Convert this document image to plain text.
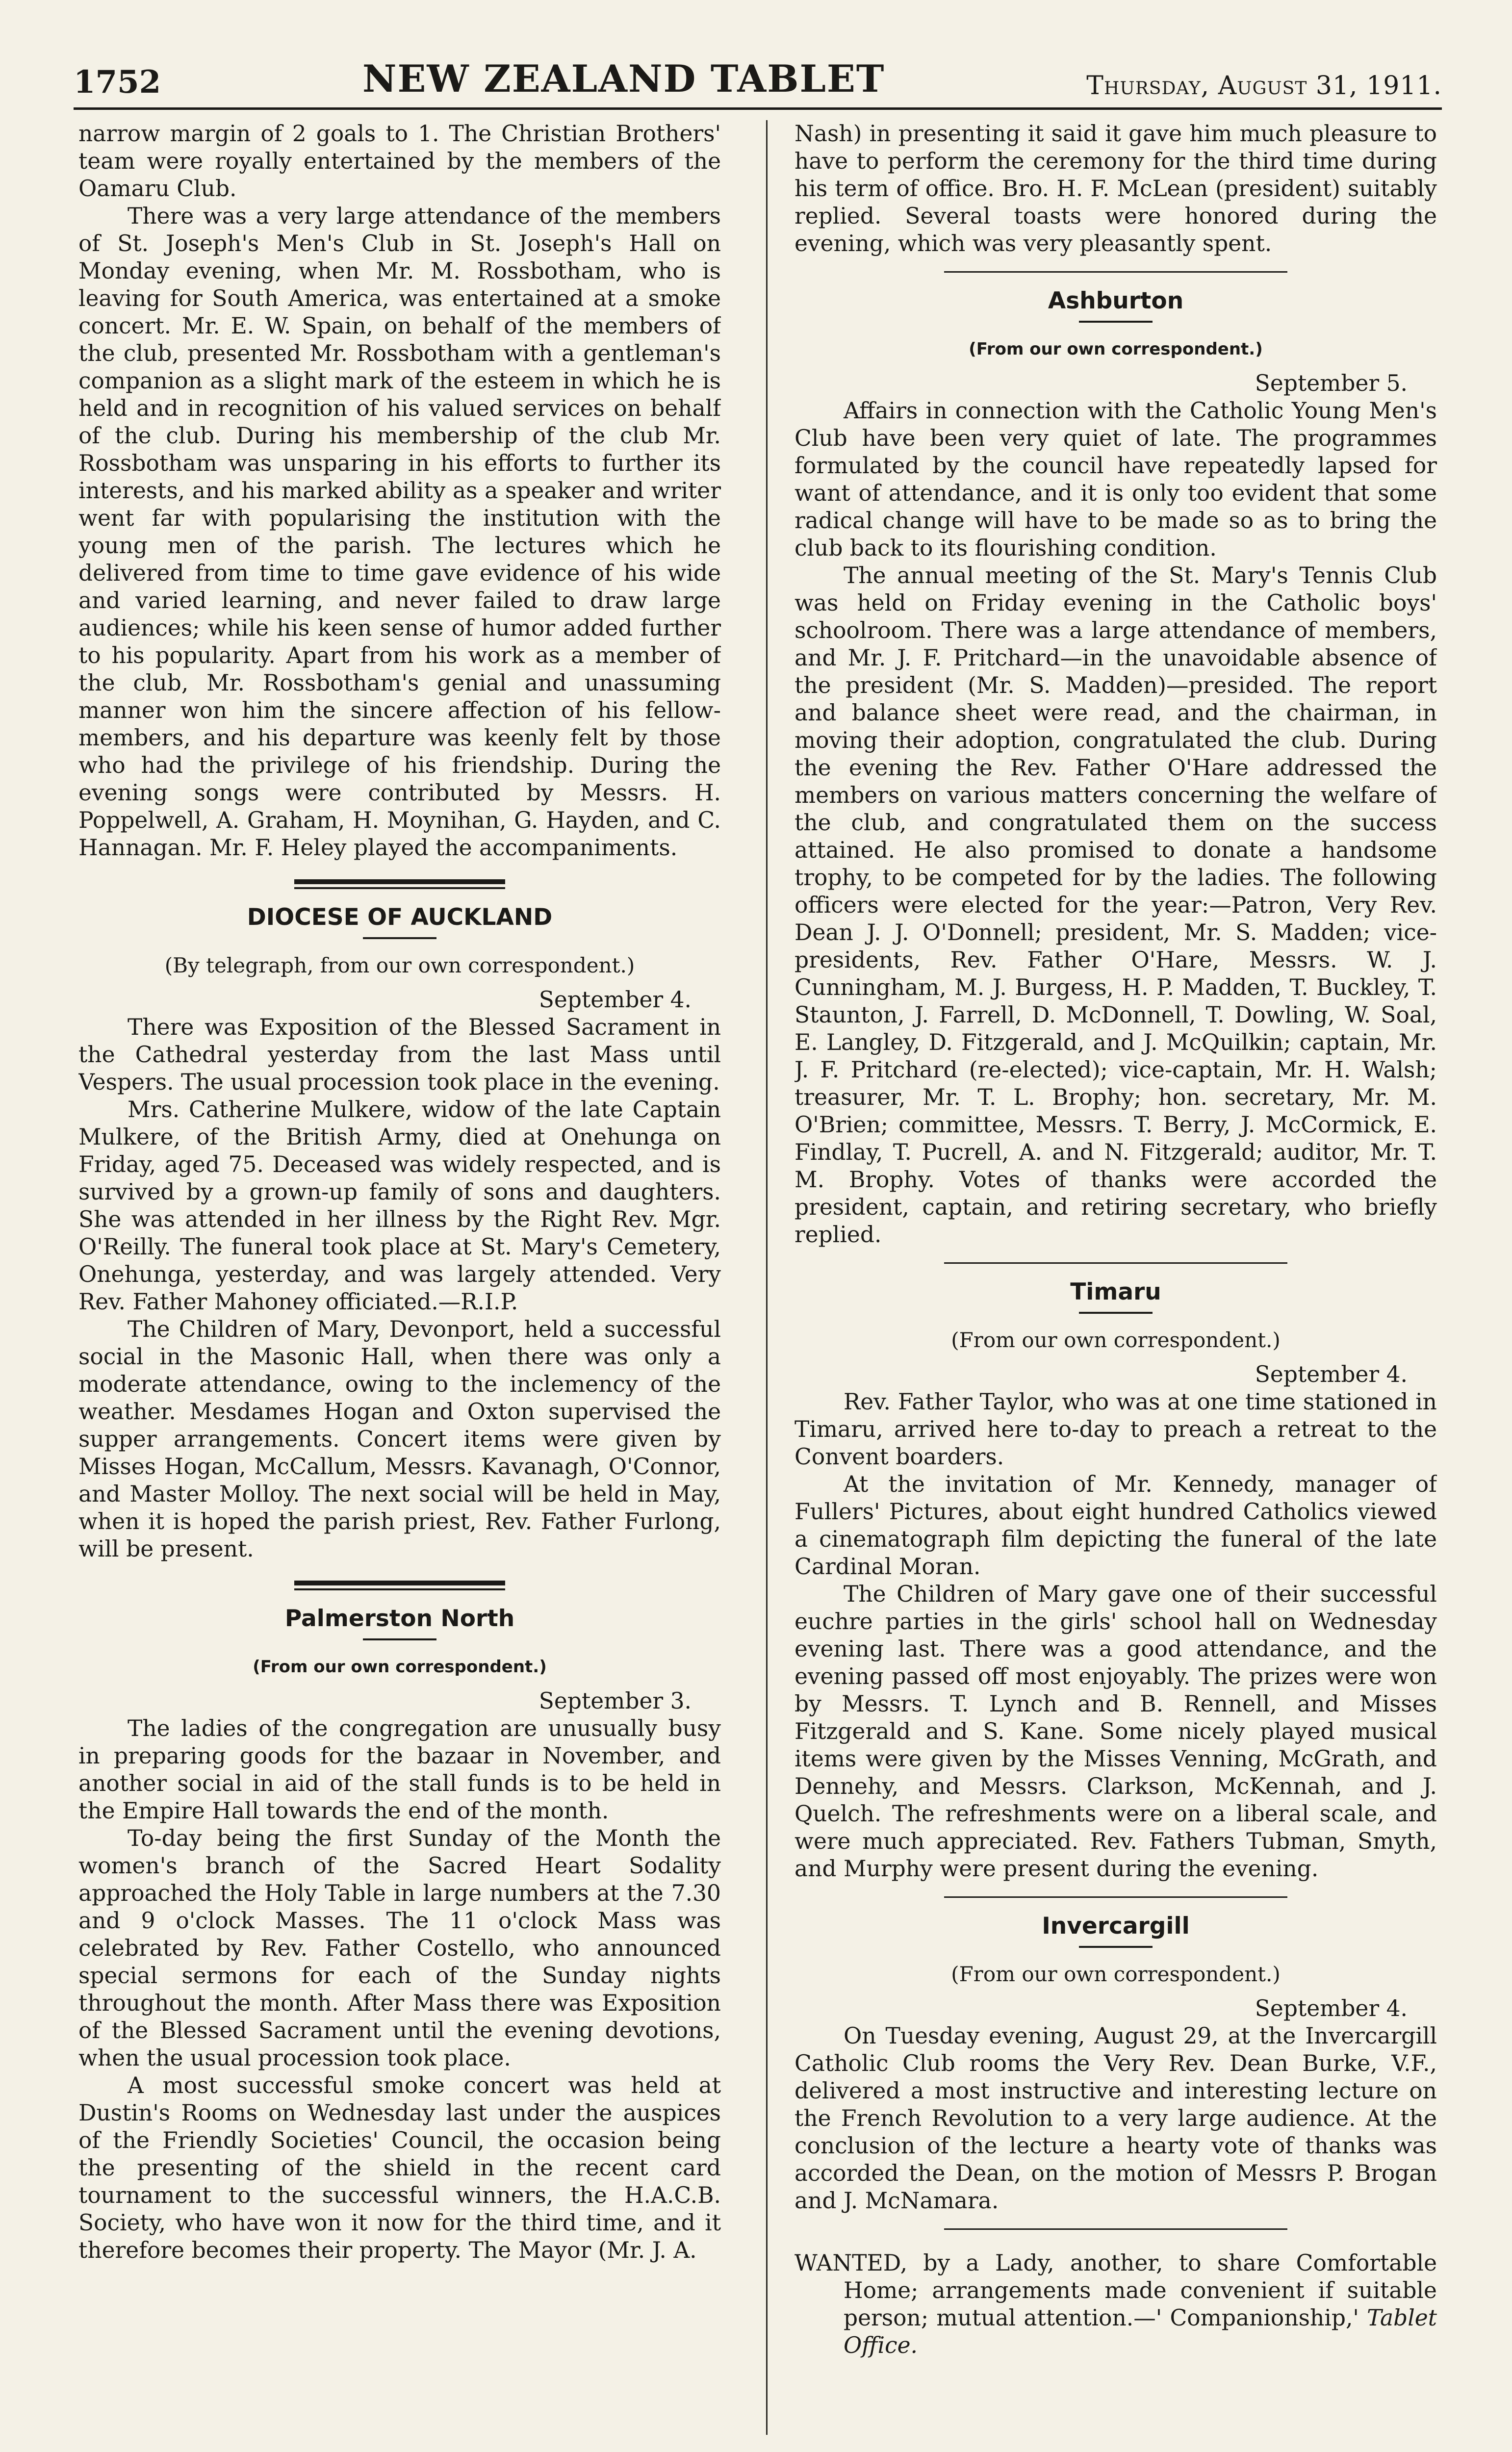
1752	NEW ZEALAND TABLET	Thursday, August 31, 1911.

narrow margin of 2 goals to 1. The Christian Brothers' team were royally entertained by the members of the Oamaru Club.

There was a very large attendance of the members of St. Joseph's Men's Club in St. Joseph's Hall on Monday evening, when Mr. M. Rossbotham, who is leaving for South America, was entertained at a smoke concert. Mr. E. W. Spain, on behalf of the members of the club, presented Mr. Rossbotham with a gentleman's companion as a slight mark of the esteem in which he is held and in recognition of his valued services on behalf of the club. During his membership of the club Mr. Rossbotham was unsparing in his efforts to further its interests, and his marked ability as a speaker and writer went far with popularising the institution with the young men of the parish. The lectures which he delivered from time to time gave evidence of his wide and varied learning, and never failed to draw large audiences; while his keen sense of humor added further to his popularity. Apart from his work as a member of the club, Mr. Rossbotham's genial and unassuming manner won him the sincere affection of his fellow-members, and his departure was keenly felt by those who had the privilege of his friendship. During the evening songs were contributed by Messrs. H. Poppelwell, A. Graham, H. Moynihan, G. Hayden, and C. Hannagan. Mr. F. Heley played the accompaniments.

DIOCESE OF AUCKLAND
(By telegraph, from our own correspondent.)

September 4.

There was Exposition of the Blessed Sacrament in the Cathedral yesterday from the last Mass until Vespers. The usual procession took place in the evening.

Mrs. Catherine Mulkere, widow of the late Captain Mulkere, of the British Army, died at Onehunga on Friday, aged 75. Deceased was widely respected, and is survived by a grown-up family of sons and daughters. She was attended in her illness by the Right Rev. Mgr. O'Reilly. The funeral took place at St. Mary's Cemetery, Onehunga, yesterday, and was largely attended. Very Rev. Father Mahoney officiated.—R.I.P.

The Children of Mary, Devonport, held a successful social in the Masonic Hall, when there was only a moderate attendance, owing to the inclemency of the weather. Mesdames Hogan and Oxton supervised the supper arrangements. Concert items were given by Misses Hogan, McCallum, Messrs. Kavanagh, O'Connor, and Master Molloy. The next social will be held in May, when it is hoped the parish priest, Rev. Father Furlong, will be present.

Palmerston North
(From our own correspondent.)

September 3.

The ladies of the congregation are unusually busy in preparing goods for the bazaar in November, and another social in aid of the stall funds is to be held in the Empire Hall towards the end of the month.

To-day being the first Sunday of the Month the women's branch of the Sacred Heart Sodality approached the Holy Table in large numbers at the 7.30 and 9 o'clock Masses. The 11 o'clock Mass was celebrated by Rev. Father Costello, who announced special sermons for each of the Sunday nights throughout the month. After Mass there was Exposition of the Blessed Sacrament until the evening devotions, when the usual procession took place.

A most successful smoke concert was held at Dustin's Rooms on Wednesday last under the auspices of the Friendly Societies' Council, the occasion being the presenting of the shield in the recent card tournament to the successful winners, the H.A.C.B. Society, who have won it now for the third time, and it therefore becomes their property. The Mayor (Mr. J. A.

Nash) in presenting it said it gave him much pleasure to have to perform the ceremony for the third time during his term of office. Bro. H. F. McLean (president) suitably replied. Several toasts were honored during the evening, which was very pleasantly spent.

Ashburton
(From our own correspondent.)

September 5.

Affairs in connection with the Catholic Young Men's Club have been very quiet of late. The programmes formulated by the council have repeatedly lapsed for want of attendance, and it is only too evident that some radical change will have to be made so as to bring the club back to its flourishing condition.

The annual meeting of the St. Mary's Tennis Club was held on Friday evening in the Catholic boys' schoolroom. There was a large attendance of members, and Mr. J. F. Pritchard—in the unavoidable absence of the president (Mr. S. Madden)—presided. The report and balance sheet were read, and the chairman, in moving their adoption, congratulated the club. During the evening the Rev. Father O'Hare addressed the members on various matters concerning the welfare of the club, and congratulated them on the success attained. He also promised to donate a handsome trophy, to be competed for by the ladies. The following officers were elected for the year:—Patron, Very Rev. Dean J. J. O'Donnell; president, Mr. S. Madden; vice-presidents, Rev. Father O'Hare, Messrs. W. J. Cunningham, M. J. Burgess, H. P. Madden, T. Buckley, T. Staunton, J. Farrell, D. McDonnell, T. Dowling, W. Soal, E. Langley, D. Fitzgerald, and J. McQuilkin; captain, Mr. J. F. Pritchard (re-elected); vice-captain, Mr. H. Walsh; treasurer, Mr. T. L. Brophy; hon. secretary, Mr. M. O'Brien; committee, Messrs. T. Berry, J. McCormick, E. Findlay, T. Pucrell, A. and N. Fitzgerald; auditor, Mr. T. M. Brophy. Votes of thanks were accorded the president, captain, and retiring secretary, who briefly replied.

Timaru
(From our own correspondent.)

September 4.

Rev. Father Taylor, who was at one time stationed in Timaru, arrived here to-day to preach a retreat to the Convent boarders.

At the invitation of Mr. Kennedy, manager of Fullers' Pictures, about eight hundred Catholics viewed a cinematograph film depicting the funeral of the late Cardinal Moran.

The Children of Mary gave one of their successful euchre parties in the girls' school hall on Wednesday evening last. There was a good attendance, and the evening passed off most enjoyably. The prizes were won by Messrs. T. Lynch and B. Rennell, and Misses Fitzgerald and S. Kane. Some nicely played musical items were given by the Misses Venning, McGrath, and Dennehy, and Messrs. Clarkson, McKennah, and J. Quelch. The refreshments were on a liberal scale, and were much appreciated. Rev. Fathers Tubman, Smyth, and Murphy were present during the evening.

Invercargill
(From our own correspondent.)

September 4.

On Tuesday evening, August 29, at the Invercargill Catholic Club rooms the Very Rev. Dean Burke, V.F., delivered a most instructive and interesting lecture on the French Revolution to a very large audience. At the conclusion of the lecture a hearty vote of thanks was accorded the Dean, on the motion of Messrs P. Brogan and J. McNamara.

WANTED, by a Lady, another, to share Comfortable Home; arrangements made convenient if suitable person; mutual attention.—' Companionship,' Tablet Office.
